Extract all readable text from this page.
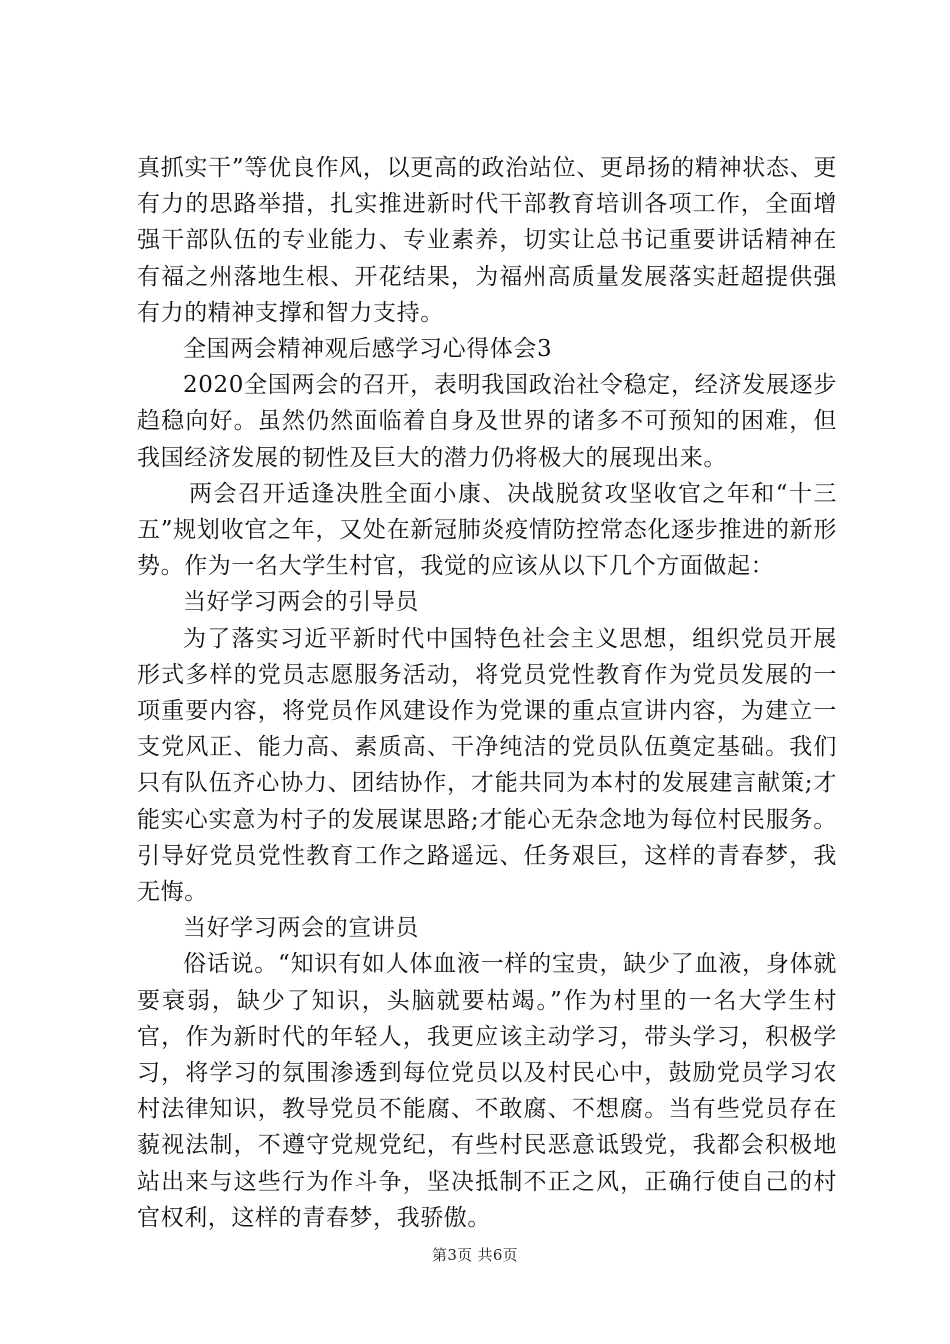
真抓实干”等优良作风，以更高的政治站位、更昂扬的精神状态、更有力的思路举措，扎实推进新时代干部教育培训各项工作，全面增强干部队伍的专业能力、专业素养，切实让总书记重要讲话精神在有福之州落地生根、开花结果，为福州高质量发展落实赶超提供强有力的精神支撑和智力支持。

全国两会精神观后感学习心得体会3

2020全国两会的召开，表明我国政治社令稳定，经济发展逐步趋稳向好。虽然仍然面临着自身及世界的诸多不可预知的困难，但我国经济发展的韧性及巨大的潜力仍将极大的展现出来。

两会召开适逢决胜全面小康、决战脱贫攻坚收官之年和“十三五”规划收官之年，又处在新冠肺炎疫情防控常态化逐步推进的新形势。作为一名大学生村官，我觉的应该从以下几个方面做起：

当好学习两会的引导员

为了落实习近平新时代中国特色社会主义思想，组织党员开展形式多样的党员志愿服务活动，将党员党性教育作为党员发展的一项重要内容，将党员作风建设作为党课的重点宣讲内容，为建立一支党风正、能力高、素质高、干净纯洁的党员队伍奠定基础。我们只有队伍齐心协力、团结协作，才能共同为本村的发展建言献策;才能实心实意为村子的发展谋思路;才能心无杂念地为每位村民服务。引导好党员党性教育工作之路遥远、任务艰巨，这样的青春梦，我无悔。

当好学习两会的宣讲员

俗话说。“知识有如人体血液一样的宝贵，缺少了血液，身体就要衰弱，缺少了知识，头脑就要枯竭。”作为村里的一名大学生村官，作为新时代的年轻人，我更应该主动学习，带头学习，积极学习，将学习的氛围渗透到每位党员以及村民心中，鼓励党员学习农村法律知识，教导党员不能腐、不敢腐、不想腐。当有些党员存在藐视法制，不遵守党规党纪，有些村民恶意诋毁党，我都会积极地站出来与这些行为作斗争，坚决抵制不正之风，正确行使自己的村官权利，这样的青春梦，我骄傲。

第3页 共6页
